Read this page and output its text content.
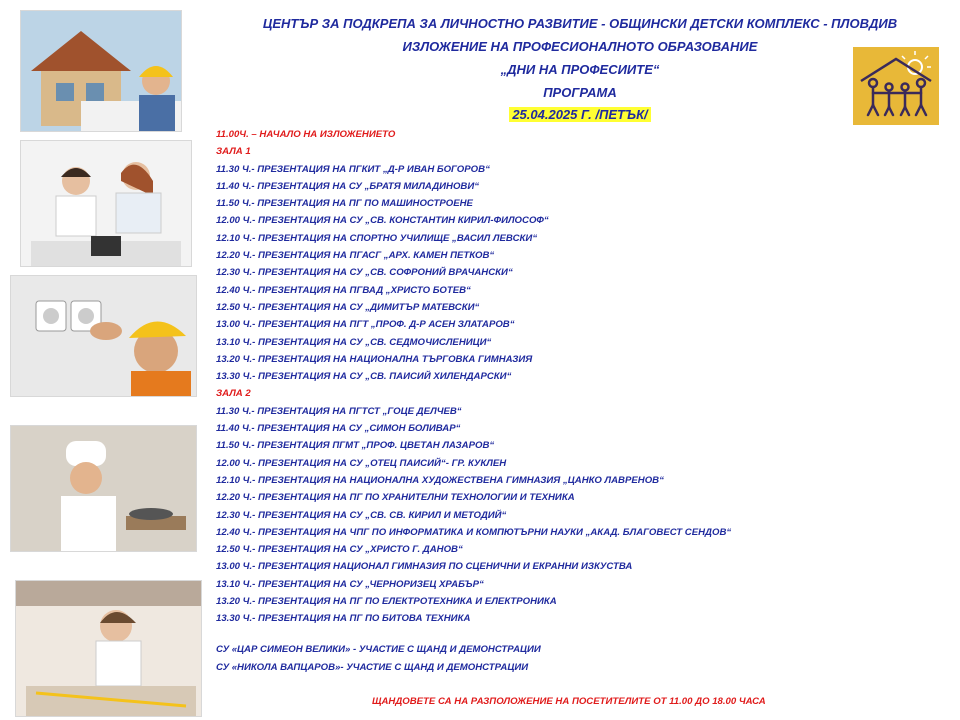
ЦЕНТЪР ЗА ПОДКРЕПА ЗА ЛИЧНОСТНО РАЗВИТИЕ - ОБЩИНСКИ ДЕТСКИ КОМПЛЕКС - ПЛОВДИВ
ИЗЛОЖЕНИЕ НА ПРОФЕСИОНАЛНОТО ОБРАЗОВАНИЕ
„ДНИ НА ПРОФЕСИИТЕ“
ПРОГРАМА
25.04.2025 Г. /ПЕТЪК/
11.00Ч. – НАЧАЛО НА ИЗЛОЖЕНИЕТО
ЗАЛА 1
11.30 Ч.- ПРЕЗЕНТАЦИЯ НА ПГКИТ „Д-Р ИВАН БОГОРОВ“
11.40 Ч.- ПРЕЗЕНТАЦИЯ НА СУ „БРАТЯ МИЛАДИНОВИ“
11.50 Ч.- ПРЕЗЕНТАЦИЯ НА ПГ ПО МАШИНОСТРОЕНЕ
12.00 Ч.- ПРЕЗЕНТАЦИЯ НА СУ „СВ. КОНСТАНТИН КИРИЛ-ФИЛОСОФ“
12.10 Ч.- ПРЕЗЕНТАЦИЯ НА СПОРТНО УЧИЛИЩЕ „ВАСИЛ ЛЕВСКИ“
12.20 Ч.- ПРЕЗЕНТАЦИЯ НА ПГАСГ „АРХ. КАМЕН ПЕТКОВ“
12.30 Ч.- ПРЕЗЕНТАЦИЯ НА СУ „СВ. СОФРОНИЙ ВРАЧАНСКИ“
12.40 Ч.- ПРЕЗЕНТАЦИЯ НА ПГВАД „ХРИСТО БОТЕВ“
12.50 Ч.- ПРЕЗЕНТАЦИЯ НА СУ „ДИМИТЪР МАТЕВСКИ“
13.00 Ч.- ПРЕЗЕНТАЦИЯ НА ПГТ „ПРОФ. Д-Р АСЕН ЗЛАТАРОВ“
13.10 Ч.- ПРЕЗЕНТАЦИЯ НА СУ „СВ. СЕДМОЧИСЛЕНИЦИ“
13.20 Ч.- ПРЕЗЕНТАЦИЯ НА НАЦИОНАЛНА ТЪРГОВКА ГИМНАЗИЯ
13.30 Ч.- ПРЕЗЕНТАЦИЯ НА СУ „СВ. ПАИСИЙ ХИЛЕНДАРСКИ“
ЗАЛА 2
11.30 Ч.- ПРЕЗЕНТАЦИЯ НА ПГТСТ „ГОЦЕ ДЕЛЧЕВ“
11.40 Ч.- ПРЕЗЕНТАЦИЯ НА СУ „СИМОН БОЛИВАР“
11.50 Ч.- ПРЕЗЕНТАЦИЯ ПГМТ „ПРОФ. ЦВЕТАН ЛАЗАРОВ“
12.00 Ч.- ПРЕЗЕНТАЦИЯ НА СУ „ОТЕЦ ПАИСИЙ“- ГР. КУКЛЕН
12.10 Ч.- ПРЕЗЕНТАЦИЯ НА НАЦИОНАЛНА ХУДОЖЕСТВЕНА ГИМНАЗИЯ „ЦАНКО ЛАВРЕНОВ“
12.20 Ч.- ПРЕЗЕНТАЦИЯ НА ПГ ПО ХРАНИТЕЛНИ ТЕХНОЛОГИИ И ТЕХНИКА
12.30 Ч.- ПРЕЗЕНТАЦИЯ НА СУ „СВ. СВ. КИРИЛ И МЕТОДИЙ“
12.40 Ч.- ПРЕЗЕНТАЦИЯ НА ЧПГ ПО ИНФОРМАТИКА И КОМПЮТЪРНИ НАУКИ „АКАД. БЛАГОВЕСТ СЕНДОВ“
12.50 Ч.- ПРЕЗЕНТАЦИЯ НА СУ „ХРИСТО Г. ДАНОВ“
13.00 Ч.- ПРЕЗЕНТАЦИЯ НАЦИОНАЛ ГИМНАЗИЯ ПО СЦЕНИЧНИ И ЕКРАННИ ИЗКУСТВА
13.10 Ч.- ПРЕЗЕНТАЦИЯ НА СУ „ЧЕРНОРИЗЕЦ ХРАБЪР“
13.20 Ч.- ПРЕЗЕНТАЦИЯ НА ПГ ПО ЕЛЕКТРОТЕХНИКА И ЕЛЕКТРОНИКА
13.30 Ч.- ПРЕЗЕНТАЦИЯ НА ПГ ПО БИТОВА ТЕХНИКА
СУ «ЦАР СИМЕОН ВЕЛИКИ» - УЧАСТИЕ С ЩАНД И ДЕМОНСТРАЦИИ
СУ «НИКОЛА ВАПЦАРОВ»- УЧАСТИЕ С ЩАНД И ДЕМОНСТРАЦИИ
ЩАНДОВЕТЕ СА НА РАЗПОЛОЖЕНИЕ НА ПОСЕТИТЕЛИТЕ ОТ 11.00 ДО 18.00 ЧАСА
